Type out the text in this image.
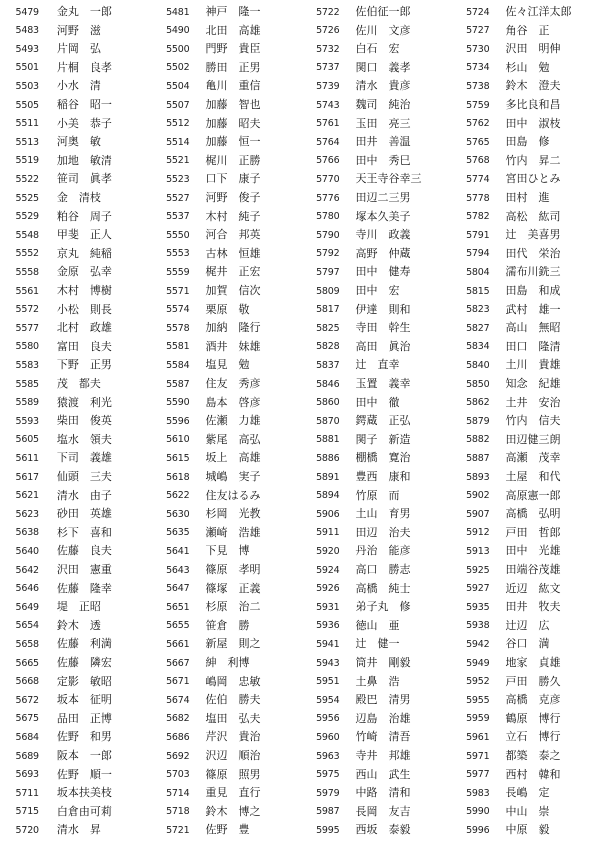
5479 金丸　一郎
5483 河野　滋
5493 片岡　弘
5501 片桐　良孝
5503 小水　清
5505 稲谷　昭一
5511 小美　恭子
5513 河奥　敏
5519 加地　敏清
5522 笹司　眞孝
5525 金　清枝
5529 粕谷　周子
5548 甲斐　正人
5552 京丸　純稲
5558 金原　弘幸
5561 木村　博樹
5572 小松　則長
5577 北村　政雄
5580 富田　良夫
5583 下野　正男
5585 茂　都夫
5589 猿渡　利光
5593 柴田　俊英
5605 塩水　領夫
5611 下司　義雄
5617 仙頭　三夫
5621 清水　由子
5623 砂田　英雄
5638 杉下　喜和
5640 佐藤　良夫
5642 沢田　憲重
5646 佐藤　隆幸
5649 堤　正昭
5654 鈴木　透
5658 佐藤　利満
5665 佐藤　隣宏
5668 定影　敏昭
5672 坂本　征明
5675 品田　正博
5684 佐野　和男
5689 阪本　一郎
5693 佐野　順一
5711 坂本扶美枝
5715 白倉由可莉
5720 清水　昇
5481 神戸　隆一
5490 北田　高雄
5500 門野　貴臣
5502 勝田　正男
5504 亀川　重信
5507 加藤　智也
5512 加藤　昭夫
5514 加藤　恒一
5521 梶川　正勝
5523 口下　康子
5527 河野　俊子
5537 木村　純子
5550 河合　邦英
5553 古林　恒雄
5559 梶井　正宏
5571 加賀　信次
5574 栗原　敬
5578 加納　隆行
5581 酒井　妹雄
5584 塩見　勉
5587 住友　秀彦
5590 島本　啓彦
5596 佐瀬　力雄
5610 紫尾　高弘
5615 坂上　高雄
5618 城嶋　実子
5622 住友はるみ
5630 杉岡　光教
5635 瀬崎　浩雄
5641 下見　博
5643 篠原　孝明
5647 篠塚　正義
5651 杉原　治二
5655 笹倉　勝
5661 新屋　則之
5667 紳　利博
5671 嶋岡　忠敏
5674 佐伯　勝夫
5682 塩田　弘夫
5686 芹沢　貴治
5692 沢辺　順治
5703 篠原　照男
5714 重見　直行
5718 鈴木　博之
5721 佐野　豊
5722 佐伯征一郎
5726 佐川　文彦
5732 白石　宏
5737 関口　義孝
5739 清水　貴彦
5743 魏司　純治
5761 玉田　亮三
5764 田井　善温
5766 田中　秀巳
5770 天王寺谷幸三
5776 田辺二三男
5780 塚本久美子
5790 寺川　政義
5792 高野　仲蔵
5797 田中　健寿
5809 田中　宏
5817 伊達　則和
5825 寺田　幹生
5828 高田　眞治
5837 辻　直幸
5846 玉置　義幸
5860 田中　徹
5870 鍔蔵　正弘
5881 関子　新造
5886 棚橋　寛治
5891 豊西　康和
5894 竹原　而
5906 土山　育男
5911 田辺　治夫
5920 丹治　能彦
5924 高口　勝志
5926 高橋　純士
5931 弟子丸　修
5936 徳山　亜
5941 辻　健一
5943 筒井　剛毅
5951 土鼻　浩
5954 殿巴　清男
5956 辺島　治雄
5960 竹崎　清吾
5963 寺井　邦雄
5975 西山　武生
5979 中路　清和
5987 長岡　友吉
5995 西坂　泰毅
5724 佐々江洋太郎
5727 角谷　正
5730 沢田　明伸
5734 杉山　勉
5738 鈴木　澄夫
5759 多比良和昌
5762 田中　淑枝
5765 田島　修
5768 竹内　昇二
5774 宮田ひとみ
5778 田村　進
5782 高松　紘司
5791 辻　美喜男
5794 田代　栄治
5804 濡布川銑三
5815 田島　和成
5823 武村　雄一
5827 高山　無昭
5834 田口　隆清
5840 土川　貴雄
5850 知念　紀雄
5862 土井　安治
5879 竹内　信夫
5882 田辺健三朗
5887 高瀬　茂幸
5893 土屋　和代
5902 高原憲一郎
5907 高橋　弘明
5912 戸田　哲郎
5913 田中　光雄
5925 田端谷茂雄
5927 近辺　紘文
5935 田井　牧夫
5938 辻辺　広
5942 谷口　満
5949 地家　貞雄
5952 戸田　勝久
5955 高橋　克彦
5959 鶴原　博行
5961 立石　博行
5971 都築　泰之
5977 西村　韓和
5983 長嶋　定
5990 中山　崇
5996 中原　毅
